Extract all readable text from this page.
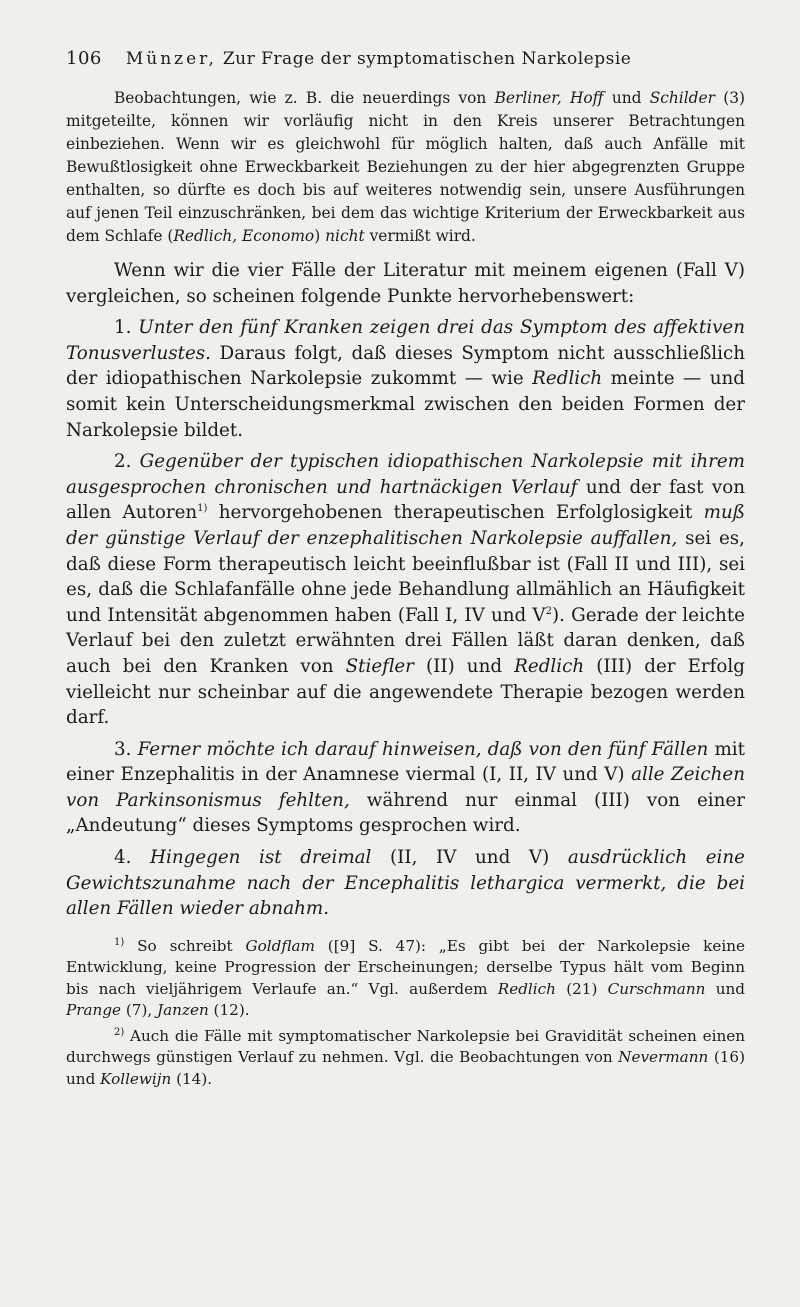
106 Münzer, Zur Frage der symptomatischen Narkolepsie

Beobachtungen, wie z. B. die neuerdings von Berliner, Hoff und Schilder (3) mitgeteilte, können wir vorläufig nicht in den Kreis unserer Betrachtungen einbeziehen. Wenn wir es gleichwohl für möglich halten, daß auch Anfälle mit Bewußtlosigkeit ohne Erweckbarkeit Beziehungen zu der hier abgegrenzten Gruppe enthalten, so dürfte es doch bis auf weiteres notwendig sein, unsere Ausführungen auf jenen Teil einzuschränken, bei dem das wichtige Kriterium der Erweckbarkeit aus dem Schlafe (Redlich, Economo) nicht vermißt wird.

Wenn wir die vier Fälle der Literatur mit meinem eigenen (Fall V) vergleichen, so scheinen folgende Punkte hervorhebenswert:

1. Unter den fünf Kranken zeigen drei das Symptom des affektiven Tonusverlustes. Daraus folgt, daß dieses Symptom nicht ausschließlich der idiopathischen Narkolepsie zukommt — wie Redlich meinte — und somit kein Unterscheidungsmerkmal zwischen den beiden Formen der Narkolepsie bildet.

2. Gegenüber der typischen idiopathischen Narkolepsie mit ihrem ausgesprochen chronischen und hartnäckigen Verlauf und der fast von allen Autoren$^{1)}$ hervorgehobenen therapeutischen Erfolglosigkeit muß der günstige Verlauf der enzephalitischen Narkolepsie auffallen, sei es, daß diese Form therapeutisch leicht beeinflußbar ist (Fall II und III), sei es, daß die Schlafanfälle ohne jede Behandlung allmählich an Häufigkeit und Intensität abgenommen haben (Fall I, IV und $V^2$). Gerade der leichte Verlauf bei den zuletzt erwähnten drei Fällen läßt daran denken, daß auch bei den Kranken von Stiefler (II) und Redlich (III) der Erfolg vielleicht nur scheinbar auf die angewendete Therapie bezogen werden darf.

3. Ferner möchte ich darauf hinweisen, daß von den fünf Fällen mit einer Enzephalitis in der Anamnese viermal (I, II, IV und V) alle Zeichen von Parkinsonismus fehlten, während nur einmal (III) von einer „Andeutung“ dieses Symptoms gesprochen wird.

4. Hingegen ist dreimal (II, IV und V) ausdrücklich eine Gewichtszunahme nach der Encephalitis lethargica vermerkt, die bei allen Fällen wieder abnahm.

$^{1)}$ So schreibt Goldflam ([9] S. 47): „Es gibt bei der Narkolepsie keine Entwicklung, keine Progression der Erscheinungen; derselbe Typus hält vom Beginn bis nach vieljährigem Verlaufe an.“ Vgl. außerdem Redlich (21) Curschmann und Prange (7), Janzen (12).

$^{2)}$ Auch die Fälle mit symptomatischer Narkolepsie bei Gravidität scheinen einen durchwegs günstigen Verlauf zu nehmen. Vgl. die Beobachtungen von Nevermann (16) und Kollewijn (14).
